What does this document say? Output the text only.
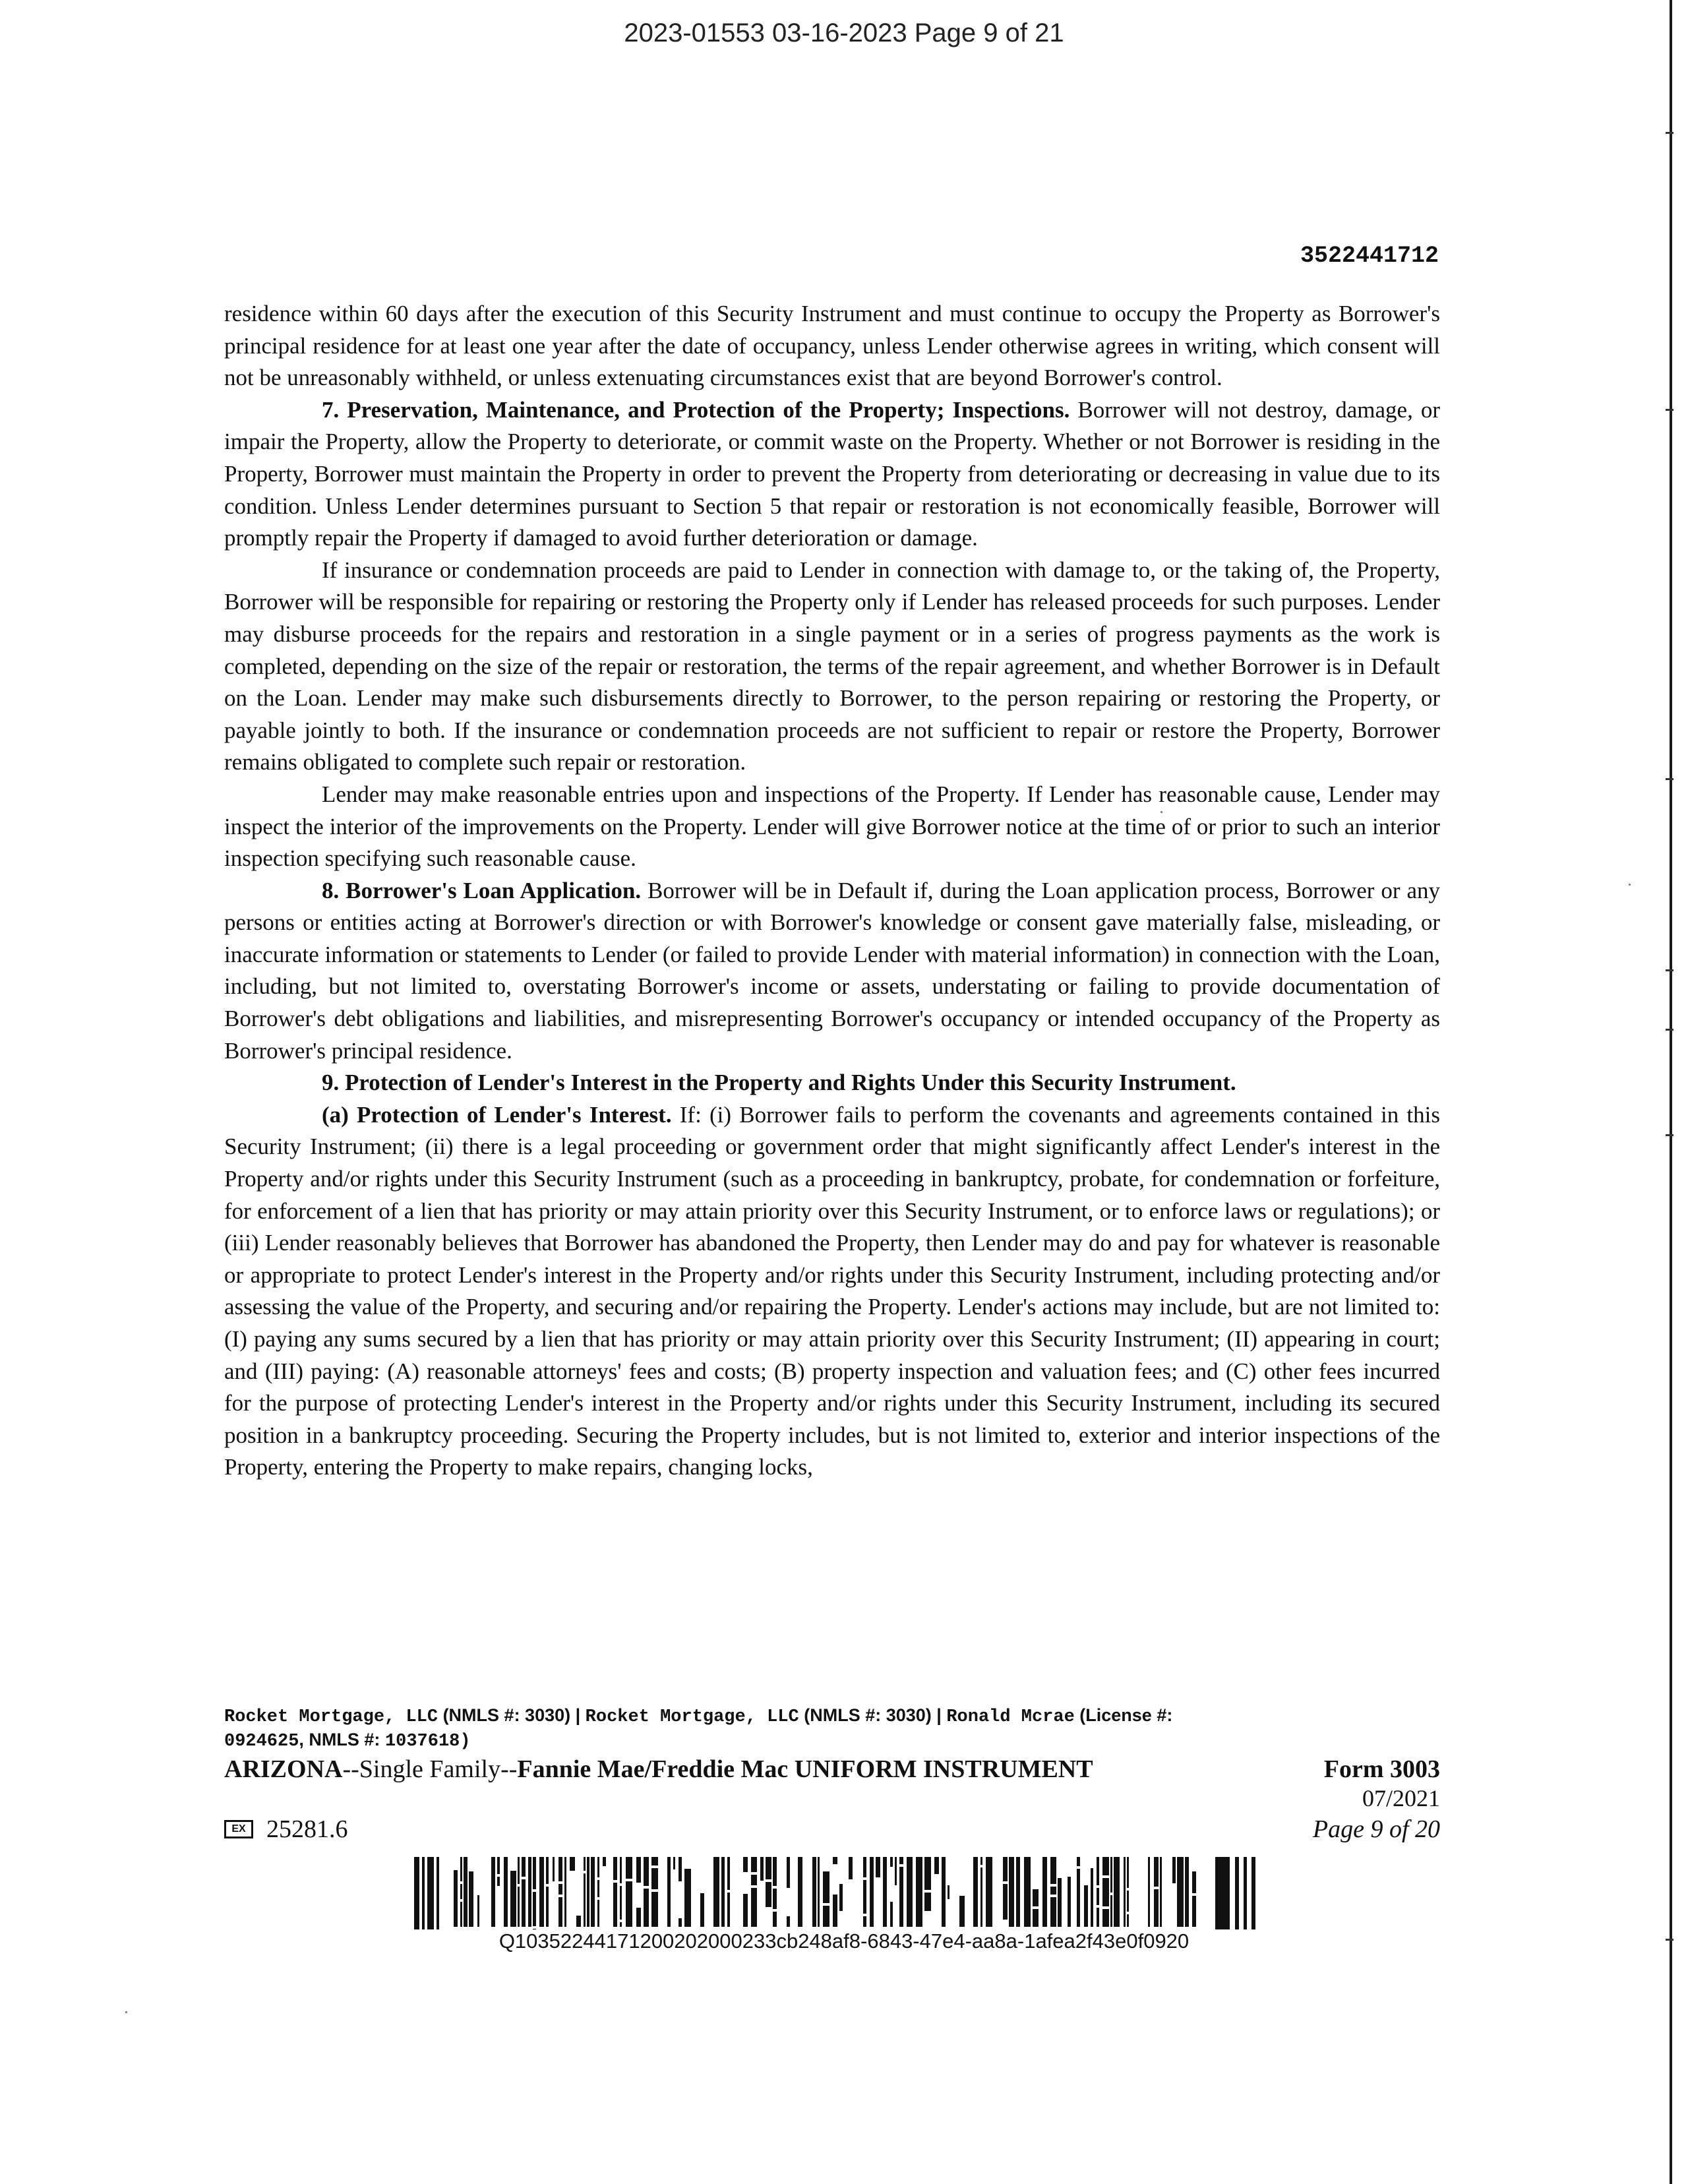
2023-01553 03-16-2023 Page 9 of 21
3522441712

residence within 60 days after the execution of this Security Instrument and must continue to occupy the Property as Borrower's principal residence for at least one year after the date of occupancy, unless Lender otherwise agrees in writing, which consent will not be unreasonably withheld, or unless extenuating circumstances exist that are beyond Borrower's control.

7. Preservation, Maintenance, and Protection of the Property; Inspections. Borrower will not destroy, damage, or impair the Property, allow the Property to deteriorate, or commit waste on the Property. Whether or not Borrower is residing in the Property, Borrower must maintain the Property in order to prevent the Property from deteriorating or decreasing in value due to its condition. Unless Lender determines pursuant to Section 5 that repair or restoration is not economically feasible, Borrower will promptly repair the Property if damaged to avoid further deterioration or damage.

If insurance or condemnation proceeds are paid to Lender in connection with damage to, or the taking of, the Property, Borrower will be responsible for repairing or restoring the Property only if Lender has released proceeds for such purposes. Lender may disburse proceeds for the repairs and restoration in a single payment or in a series of progress payments as the work is completed, depending on the size of the repair or restoration, the terms of the repair agreement, and whether Borrower is in Default on the Loan. Lender may make such disbursements directly to Borrower, to the person repairing or restoring the Property, or payable jointly to both. If the insurance or condemnation proceeds are not sufficient to repair or restore the Property, Borrower remains obligated to complete such repair or restoration.

Lender may make reasonable entries upon and inspections of the Property. If Lender has reasonable cause, Lender may inspect the interior of the improvements on the Property. Lender will give Borrower notice at the time of or prior to such an interior inspection specifying such reasonable cause.

8. Borrower's Loan Application. Borrower will be in Default if, during the Loan application process, Borrower or any persons or entities acting at Borrower's direction or with Borrower's knowledge or consent gave materially false, misleading, or inaccurate information or statements to Lender (or failed to provide Lender with material information) in connection with the Loan, including, but not limited to, overstating Borrower's income or assets, understating or failing to provide documentation of Borrower's debt obligations and liabilities, and misrepresenting Borrower's occupancy or intended occupancy of the Property as Borrower's principal residence.

9. Protection of Lender's Interest in the Property and Rights Under this Security Instrument.

(a) Protection of Lender's Interest. If: (i) Borrower fails to perform the covenants and agreements contained in this Security Instrument; (ii) there is a legal proceeding or government order that might significantly affect Lender's interest in the Property and/or rights under this Security Instrument (such as a proceeding in bankruptcy, probate, for condemnation or forfeiture, for enforcement of a lien that has priority or may attain priority over this Security Instrument, or to enforce laws or regulations); or (iii) Lender reasonably believes that Borrower has abandoned the Property, then Lender may do and pay for whatever is reasonable or appropriate to protect Lender's interest in the Property and/or rights under this Security Instrument, including protecting and/or assessing the value of the Property, and securing and/or repairing the Property. Lender's actions may include, but are not limited to: (I) paying any sums secured by a lien that has priority or may attain priority over this Security Instrument; (II) appearing in court; and (III) paying: (A) reasonable attorneys' fees and costs; (B) property inspection and valuation fees; and (C) other fees incurred for the purpose of protecting Lender's interest in the Property and/or rights under this Security Instrument, including its secured position in a bankruptcy proceeding. Securing the Property includes, but is not limited to, exterior and interior inspections of the Property, entering the Property to make repairs, changing locks,

Rocket Mortgage, LLC (NMLS #: 3030) | Rocket Mortgage, LLC (NMLS #: 3030) | Ronald Mcrae (License #:
0924625, NMLS #: 1037618)
ARIZONA--Single Family--Fannie Mae/Freddie Mac UNIFORM INSTRUMENT	Form 3003
07/2021
EX 25281.6	Page 9 of 20
Q10352244171200202000233cb248af8-6843-47e4-aa8a-1afea2f43e0f0920
